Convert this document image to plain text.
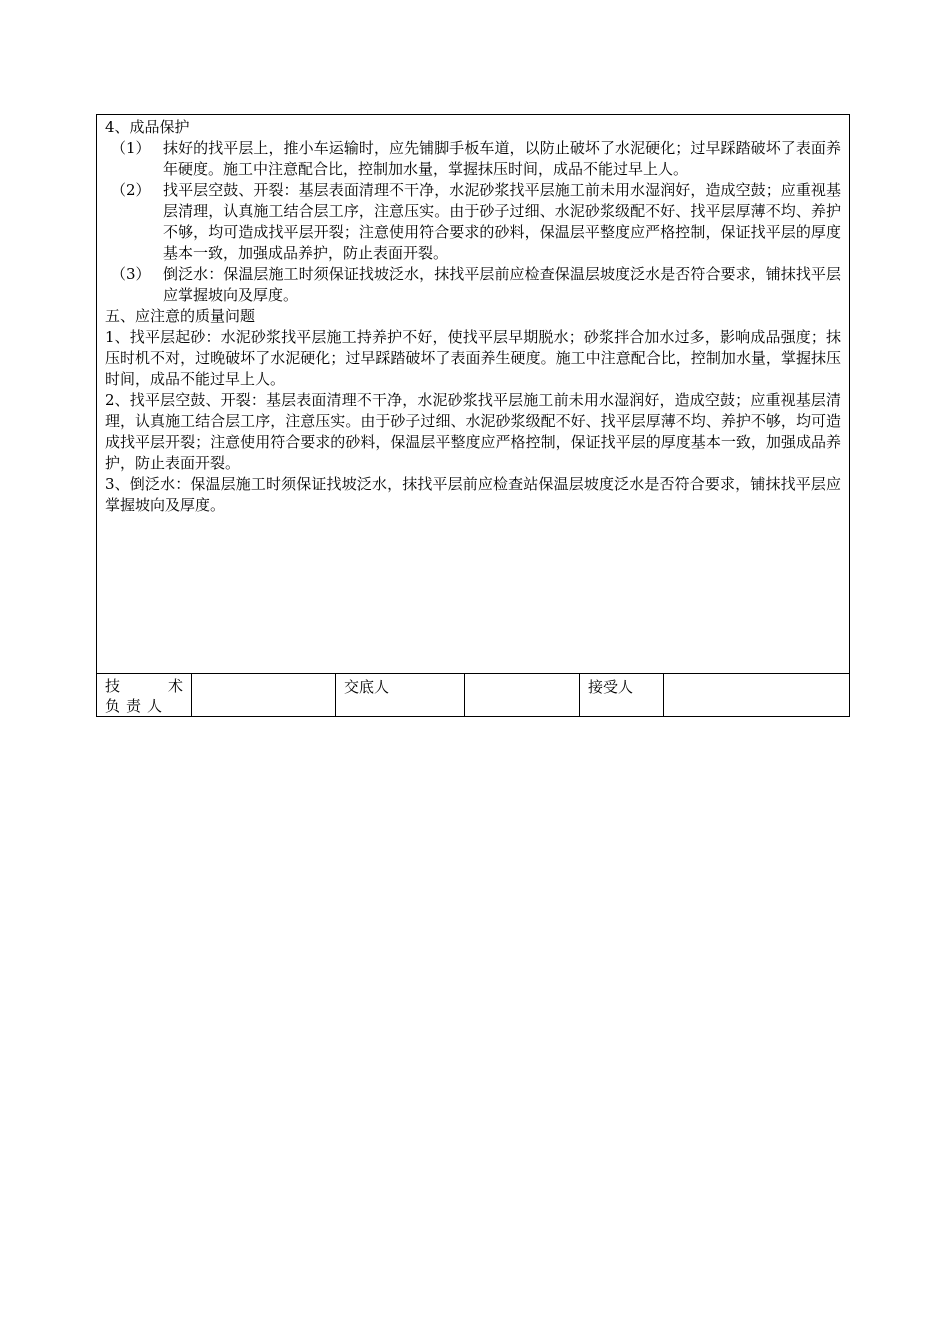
4、成品保护
（1） 抹好的找平层上，推小车运输时，应先铺脚手板车道，以防止破坏了水泥硬化；过早踩踏破坏了表面养年硬度。施工中注意配合比，控制加水量，掌握抹压时间，成品不能过早上人。
（2） 找平层空鼓、开裂：基层表面清理不干净，水泥砂浆找平层施工前未用水湿润好，造成空鼓；应重视基层清理，认真施工结合层工序，注意压实。由于砂子过细、水泥砂浆级配不好、找平层厚薄不均、养护不够，均可造成找平层开裂；注意使用符合要求的砂料，保温层平整度应严格控制，保证找平层的厚度基本一致，加强成品养护，防止表面开裂。
（3） 倒泛水：保温层施工时须保证找坡泛水，抹找平层前应检查保温层坡度泛水是否符合要求，铺抹找平层应掌握坡向及厚度。
五、应注意的质量问题
1、找平层起砂：水泥砂浆找平层施工持养护不好，使找平层早期脱水；砂浆拌合加水过多，影响成品强度；抹压时机不对，过晚破坏了水泥硬化；过早踩踏破坏了表面养生硬度。施工中注意配合比，控制加水量，掌握抹压时间，成品不能过早上人。
2、找平层空鼓、开裂：基层表面清理不干净，水泥砂浆找平层施工前未用水湿润好，造成空鼓；应重视基层清理，认真施工结合层工序，注意压实。由于砂子过细、水泥砂浆级配不好、找平层厚薄不均、养护不够，均可造成找平层开裂；注意使用符合要求的砂料，保温层平整度应严格控制，保证找平层的厚度基本一致，加强成品养护，防止表面开裂。
3、倒泛水：保温层施工时须保证找坡泛水，抹找平层前应检查站保温层坡度泛水是否符合要求，铺抹找平层应掌握坡向及厚度。
技	术
负责人
交底人	接受人
